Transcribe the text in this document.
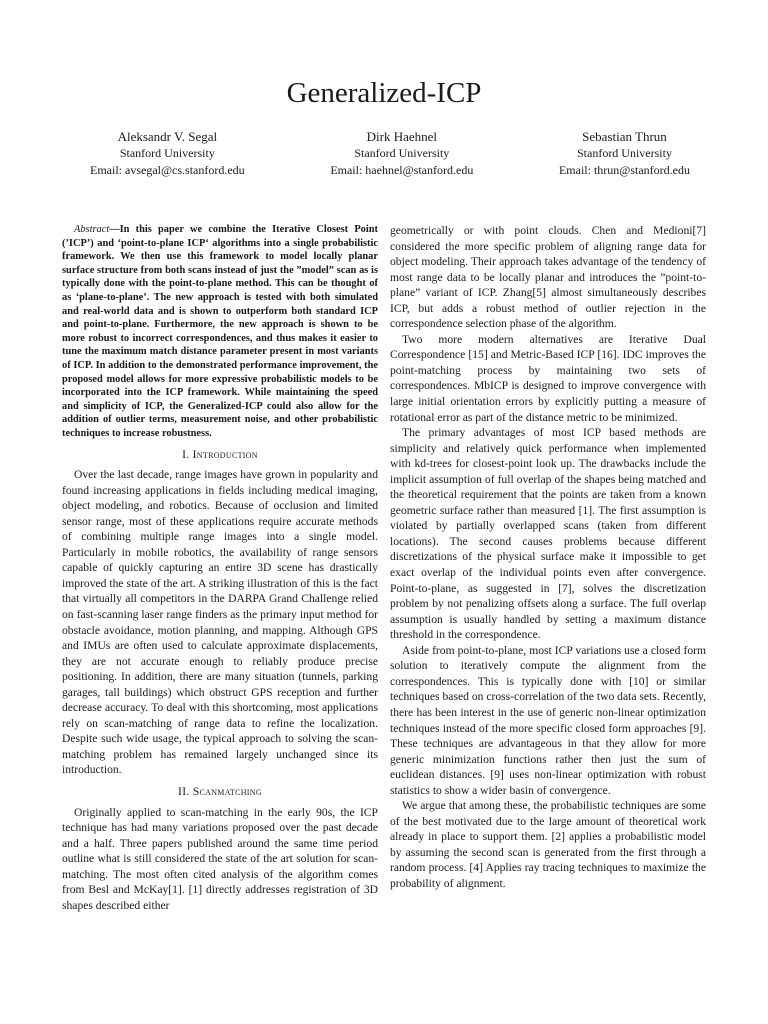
Generalized-ICP
Aleksandr V. Segal
Stanford University
Email: avsegal@cs.stanford.edu
Dirk Haehnel
Stanford University
Email: haehnel@stanford.edu
Sebastian Thrun
Stanford University
Email: thrun@stanford.edu

Abstract—In this paper we combine the Iterative Closest Point (’ICP’) and ‘point-to-plane ICP‘ algorithms into a single probabilistic framework. We then use this framework to model locally planar surface structure from both scans instead of just the ”model” scan as is typically done with the point-to-plane method. This can be thought of as ‘plane-to-plane’. The new approach is tested with both simulated and real-world data and is shown to outperform both standard ICP and point-to-plane. Furthermore, the new approach is shown to be more robust to incorrect correspondences, and thus makes it easier to tune the maximum match distance parameter present in most variants of ICP. In addition to the demonstrated performance improvement, the proposed model allows for more expressive probabilistic models to be incorporated into the ICP framework. While maintaining the speed and simplicity of ICP, the Generalized-ICP could also allow for the addition of outlier terms, measurement noise, and other probabilistic techniques to increase robustness.

I. Introduction

Over the last decade, range images have grown in popularity and found increasing applications in fields including medical imaging, object modeling, and robotics. Because of occlusion and limited sensor range, most of these applications require accurate methods of combining multiple range images into a single model. Particularly in mobile robotics, the availability of range sensors capable of quickly capturing an entire 3D scene has drastically improved the state of the art. A striking illustration of this is the fact that virtually all competitors in the DARPA Grand Challenge relied on fast-scanning laser range finders as the primary input method for obstacle avoidance, motion planning, and mapping. Although GPS and IMUs are often used to calculate approximate displacements, they are not accurate enough to reliably produce precise positioning. In addition, there are many situation (tunnels, parking garages, tall buildings) which obstruct GPS reception and further decrease accuracy. To deal with this shortcoming, most applications rely on scan-matching of range data to refine the localization. Despite such wide usage, the typical approach to solving the scan-matching problem has remained largely unchanged since its introduction.

II. Scanmatching

Originally applied to scan-matching in the early 90s, the ICP technique has had many variations proposed over the past decade and a half. Three papers published around the same time period outline what is still considered the state of the art solution for scan-matching. The most often cited analysis of the algorithm comes from Besl and McKay[1]. [1] directly addresses registration of 3D shapes described either

geometrically or with point clouds. Chen and Medioni[7] considered the more specific problem of aligning range data for object modeling. Their approach takes advantage of the tendency of most range data to be locally planar and introduces the ”point-to-plane” variant of ICP. Zhang[5] almost simultaneously describes ICP, but adds a robust method of outlier rejection in the correspondence selection phase of the algorithm.

Two more modern alternatives are Iterative Dual Correspondence [15] and Metric-Based ICP [16]. IDC improves the point-matching process by maintaining two sets of correspondences. MbICP is designed to improve convergence with large initial orientation errors by explicitly putting a measure of rotational error as part of the distance metric to be minimized.

The primary advantages of most ICP based methods are simplicity and relatively quick performance when implemented with kd-trees for closest-point look up. The drawbacks include the implicit assumption of full overlap of the shapes being matched and the theoretical requirement that the points are taken from a known geometric surface rather than measured [1]. The first assumption is violated by partially overlapped scans (taken from different locations). The second causes problems because different discretizations of the physical surface make it impossible to get exact overlap of the individual points even after convergence. Point-to-plane, as suggested in [7], solves the discretization problem by not penalizing offsets along a surface. The full overlap assumption is usually handled by setting a maximum distance threshold in the correspondence.

Aside from point-to-plane, most ICP variations use a closed form solution to iteratively compute the alignment from the correspondences. This is typically done with [10] or similar techniques based on cross-correlation of the two data sets. Recently, there has been interest in the use of generic non-linear optimization techniques instead of the more specific closed form approaches [9]. These techniques are advantageous in that they allow for more generic minimization functions rather then just the sum of euclidean distances. [9] uses non-linear optimization with robust statistics to show a wider basin of convergence.

We argue that among these, the probabilistic techniques are some of the best motivated due to the large amount of theoretical work already in place to support them. [2] applies a probabilistic model by assuming the second scan is generated from the first through a random process. [4] Applies ray tracing techniques to maximize the probability of alignment.
